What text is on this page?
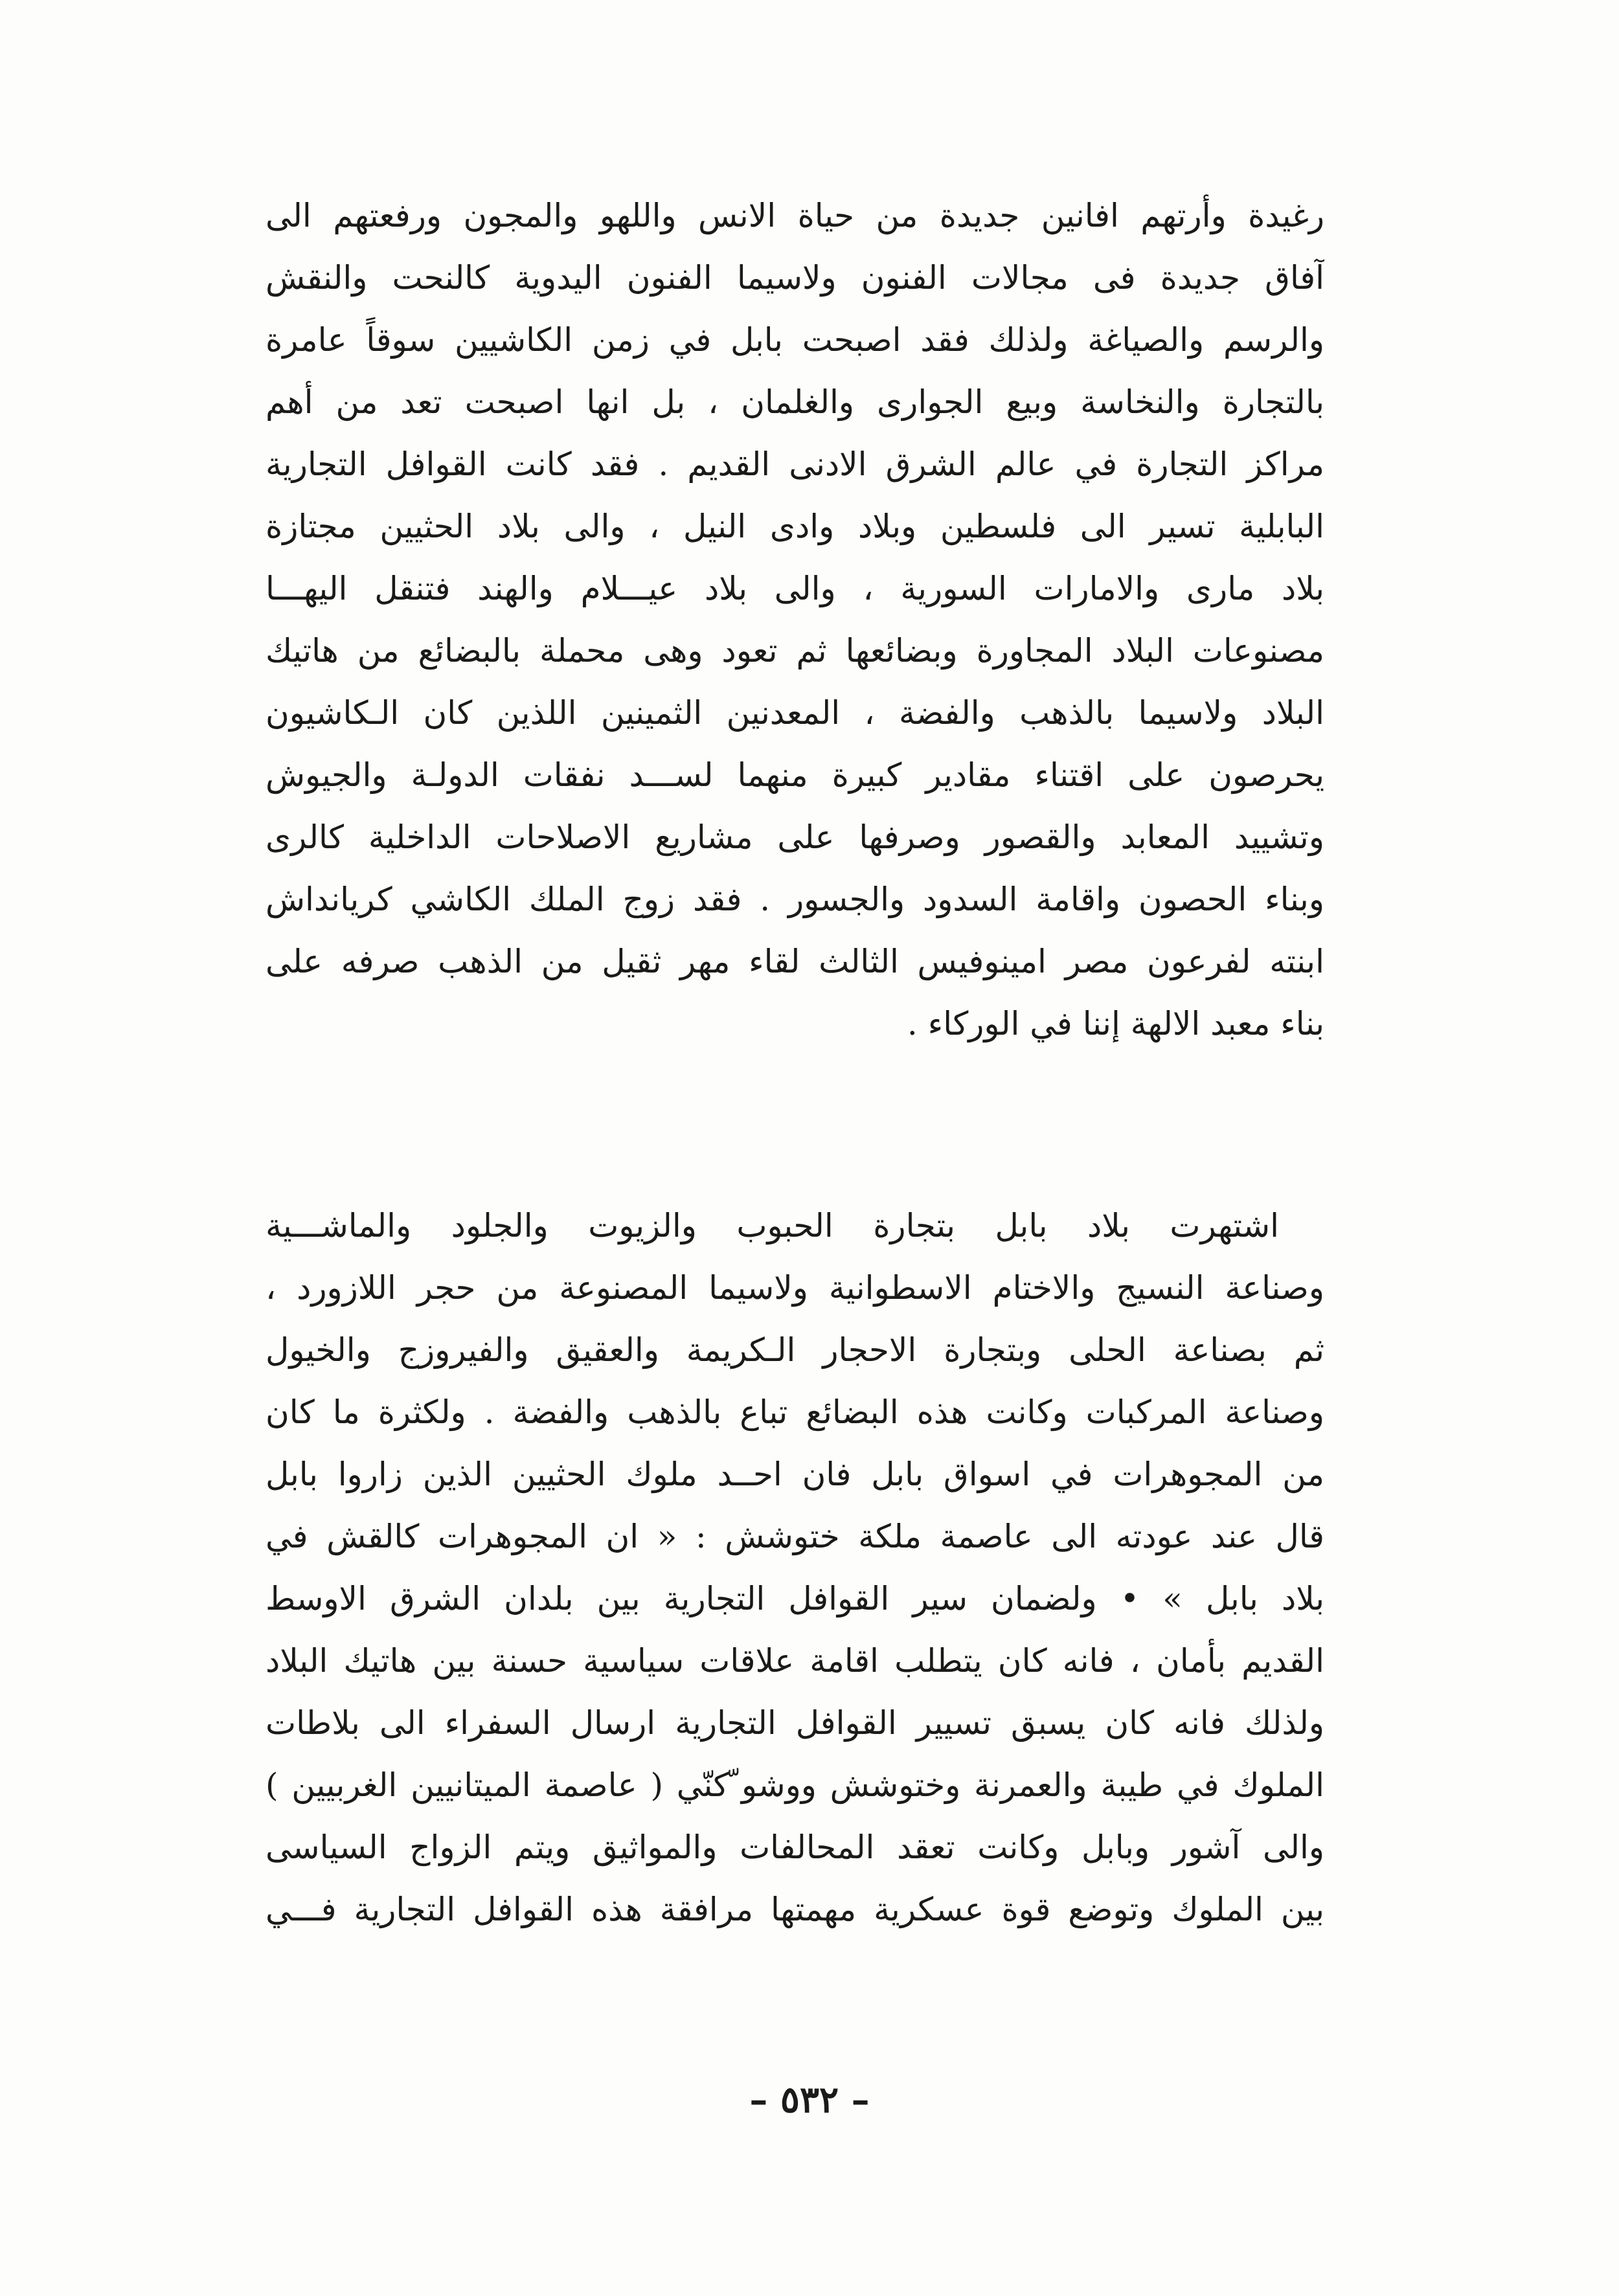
رغيدة وأرتهم افانين جديدة من حياة الانس واللهو والمجون ورفعتهم الى
آفاق جديدة فى مجالات الفنون ولاسيما الفنون اليدوية كالنحت والنقش
والرسم والصياغة ولذلك فقد اصبحت بابل في زمن الكاشيين سوقاً عامرة
بالتجارة والنخاسة وبيع الجوارى والغلمان ، بل انها اصبحت تعد من أهم
مراكز التجارة في عالم الشرق الادنى القديم . فقد كانت القوافل التجارية
البابلية تسير الى فلسطين وبلاد وادى النيل ، والى بلاد الحثيين مجتازة
بلاد مارى والامارات السورية ، والى بلاد عيـــلام والهند فتنقل اليهـــا
مصنوعات البلاد المجاورة وبضائعها ثم تعود وهى محملة بالبضائع من هاتيك
البلاد ولاسيما بالذهب والفضة ، المعدنين الثمينين اللذين كان الـكاشيون
يحرصون على اقتناء مقادير كبيرة منهما لســـد نفقات الدولـة والجيوش
وتشييد المعابد والقصور وصرفها على مشاريع الاصلاحات الداخلية كالرى
وبناء الحصون واقامة السدود والجسور . فقد زوج الملك الكاشي كريانداش
ابنته لفرعون مصر امينوفيس الثالث لقاء مهر ثقيل من الذهب صرفه على
بناء معبد الالهة إننا في الوركاء .
اشتهرت بلاد بابل بتجارة الحبوب والزيوت والجلود والماشـــية
وصناعة النسيج والاختام الاسطوانية ولاسيما المصنوعة من حجر اللازورد ،
ثم بصناعة الحلى وبتجارة الاحجار الـكريمة والعقيق والفيروزج والخيول
وصناعة المركبات وكانت هذه البضائع تباع بالذهب والفضة . ولكثرة ما كان
من المجوهرات في اسواق بابل فان احــد ملوك الحثيين الذين زاروا بابل
قال عند عودته الى عاصمة ملكة ختوشش : « ان المجوهرات كالقش في
بلاد بابل » • ولضمان سير القوافل التجارية بين بلدان الشرق الاوسط
القديم بأمان ، فانه كان يتطلب اقامة علاقات سياسية حسنة بين هاتيك البلاد
ولذلك فانه كان يسبق تسيير القوافل التجارية ارسال السفراء الى بلاطات
الملوك في طيبة والعمرنة وختوشش ووشو ّكنّي ( عاصمة الميتانيين الغربيين )
والى آشور وبابل وكانت تعقد المحالفات والمواثيق ويتم الزواج السياسى
بين الملوك وتوضع قوة عسكرية مهمتها مرافقة هذه القوافل التجارية فـــي
– ٥٣٢ –
